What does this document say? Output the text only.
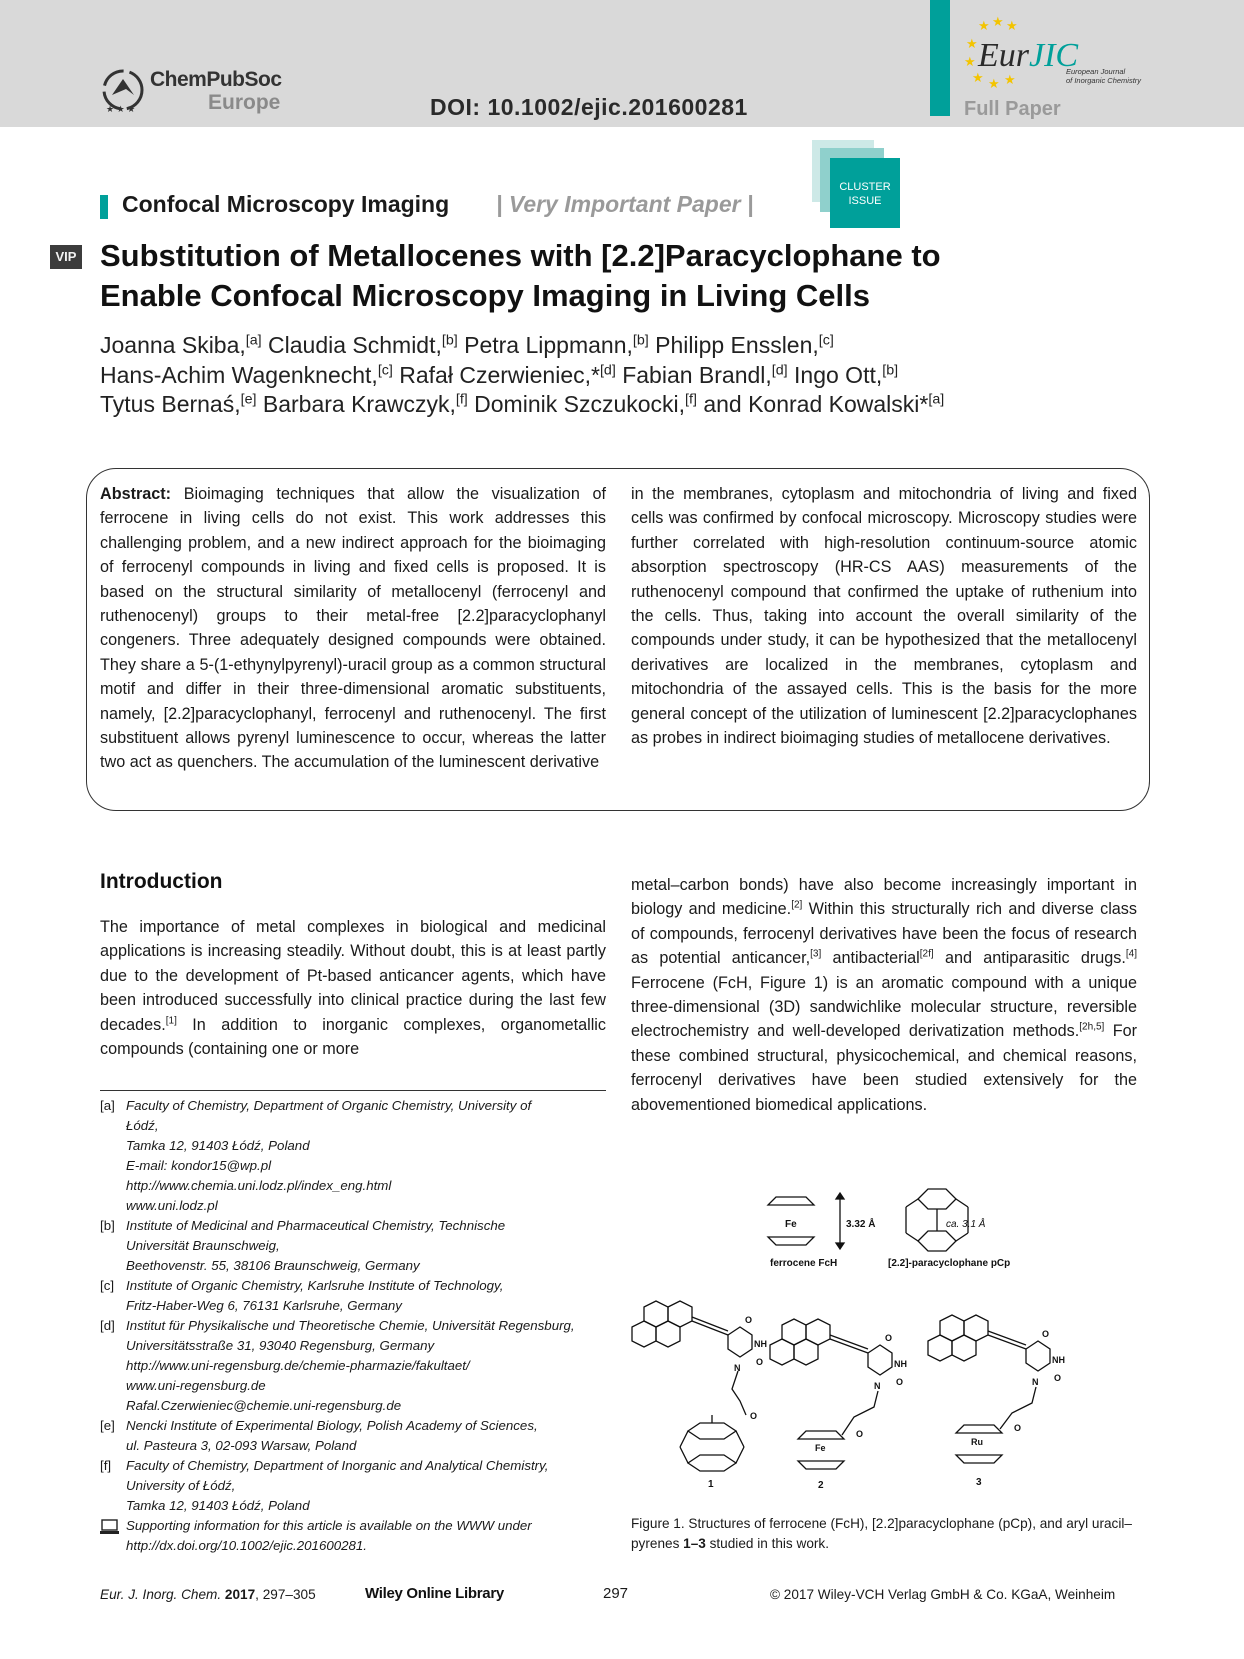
★ ★ ★
ChemPubSoc
Europe	DOI: 10.1002/ejic.201600281
★ ★ ★
★
★
★ ★ ★
EurJIC
European Journal
of Inorganic Chemistry
Full Paper
CLUSTER
ISSUE
Confocal Microscopy Imaging | Very Important Paper |
VIP Substitution of Metallocenes with [2.2]Paracyclophane to
Enable Confocal Microscopy Imaging in Living Cells
Joanna Skiba,[a] Claudia Schmidt,[b] Petra Lippmann,[b] Philipp Ensslen,[c]
Hans-Achim Wagenknecht,[c] Rafał Czerwieniec,*[d] Fabian Brandl,[d] Ingo Ott,[b]
Tytus Bernaś,[e] Barbara Krawczyk,[f] Dominik Szczukocki,[f] and Konrad Kowalski*[a]
Abstract: Bioimaging techniques that allow the visualization of ferrocene in living cells do not exist. This work addresses this challenging problem, and a new indirect approach for the bioimaging of ferrocenyl compounds in living and fixed cells is proposed. It is based on the structural similarity of metallocenyl (ferrocenyl and ruthenocenyl) groups to their metal-free [2.2]paracyclophanyl congeners. Three adequately designed compounds were obtained. They share a 5-(1-ethynylpyrenyl)-uracil group as a common structural motif and differ in their three-dimensional aromatic substituents, namely, [2.2]paracyclophanyl, ferrocenyl and ruthenocenyl. The first substituent allows pyrenyl luminescence to occur, whereas the latter two act as quenchers. The accumulation of the luminescent derivative
in the membranes, cytoplasm and mitochondria of living and fixed cells was confirmed by confocal microscopy. Microscopy studies were further correlated with high-resolution continuum-source atomic absorption spectroscopy (HR-CS AAS) measurements of the ruthenocenyl compound that confirmed the uptake of ruthenium into the cells. Thus, taking into account the overall similarity of the compounds under study, it can be hypothesized that the metallocenyl derivatives are localized in the membranes, cytoplasm and mitochondria of the assayed cells. This is the basis for the more general concept of the utilization of luminescent [2.2]paracyclophanes as probes in indirect bioimaging studies of metallocene derivatives.
Introduction
The importance of metal complexes in biological and medicinal applications is increasing steadily. Without doubt, this is at least partly due to the development of Pt-based anticancer agents, which have been introduced successfully into clinical practice during the last few decades.[1] In addition to inorganic complexes, organometallic compounds (containing one or more
metal–carbon bonds) have also become increasingly important in biology and medicine.[2] Within this structurally rich and diverse class of compounds, ferrocenyl derivatives have been the focus of research as potential anticancer,[3] antibacterial[2f] and antiparasitic drugs.[4] Ferrocene (FcH, Figure 1) is an aromatic compound with a unique three-dimensional (3D) sandwichlike molecular structure, reversible electrochemistry and well-developed derivatization methods.[2h,5] For these combined structural, physicochemical, and chemical reasons, ferrocenyl derivatives have been studied extensively for the abovementioned biomedical applications.
[a] Faculty of Chemistry, Department of Organic Chemistry, University of
Łódź,
Tamka 12, 91403 Łódź, Poland
E-mail: kondor15@wp.pl
http://www.chemia.uni.lodz.pl/index_eng.html
www.uni.lodz.pl
[b] Institute of Medicinal and Pharmaceutical Chemistry, Technische
Universität Braunschweig,
Beethovenstr. 55, 38106 Braunschweig, Germany
[c] Institute of Organic Chemistry, Karlsruhe Institute of Technology,
Fritz-Haber-Weg 6, 76131 Karlsruhe, Germany
[d] Institut für Physikalische und Theoretische Chemie, Universität Regensburg,
Universitätsstraße 31, 93040 Regensburg, Germany
http://www.uni-regensburg.de/chemie-pharmazie/fakultaet/
www.uni-regensburg.de
Rafal.Czerwieniec@chemie.uni-regensburg.de
[e] Nencki Institute of Experimental Biology, Polish Academy of Sciences,
ul. Pasteura 3, 02-093 Warsaw, Poland
[f] Faculty of Chemistry, Department of Inorganic and Analytical Chemistry,
University of Łódź,
Tamka 12, 91403 Łódź, Poland
Supporting information for this article is available on the WWW under
http://dx.doi.org/10.1002/ejic.201600281.
Fe	3.32 Å
ferrocene FcH
ca. 3.1 Å
[2.2]-paracyclophane pCp
O
NH
O
N
O
1
O
NH
O
N
O
Fe
2
O
NH
O
N
O
Ru
3
Figure 1. Structures of ferrocene (FcH), [2.2]paracyclophane (pCp), and aryl uracil–pyrenes 1–3 studied in this work.
Eur. J. Inorg. Chem. 2017, 297–305	Wiley Online Library	297	© 2017 Wiley-VCH Verlag GmbH & Co. KGaA, Weinheim
